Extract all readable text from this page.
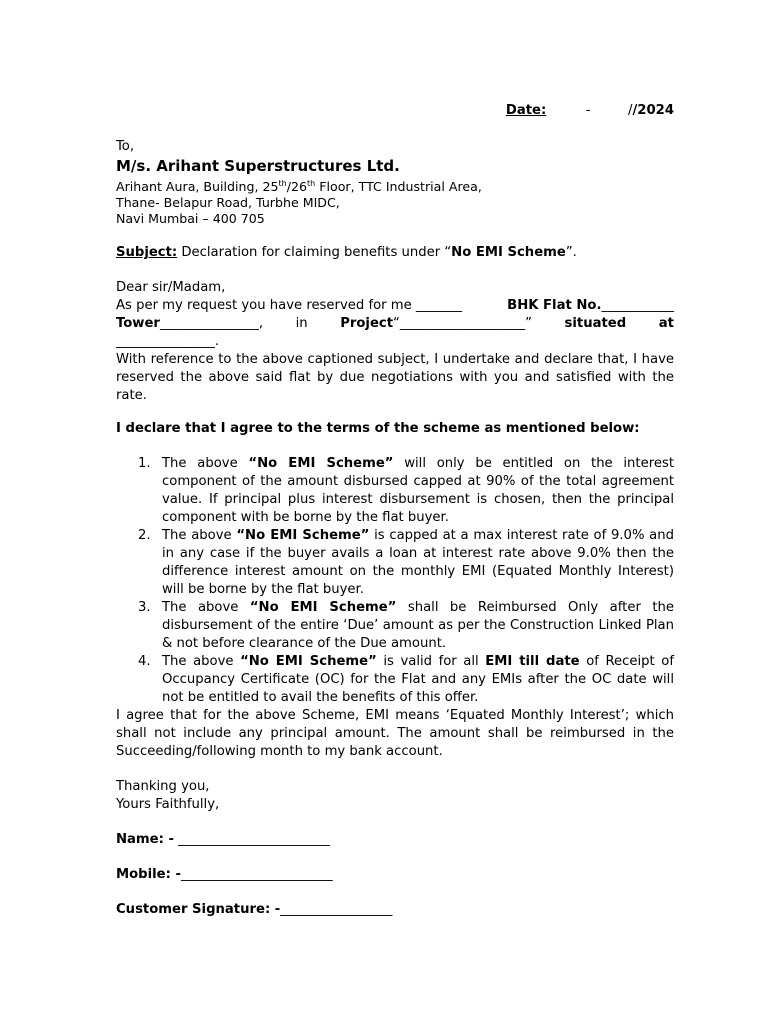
Date:	-	//2024

To,

M/s. Arihant Superstructures Ltd.

Arihant Aura, Building, 25th/26th Floor, TTC Industrial Area,

Thane- Belapur Road, Turbhe MIDC,

Navi Mumbai – 400 705

Subject: Declaration for claiming benefits under “No EMI Scheme”.

Dear sir/Madam,

As per my request you have reserved for me _______	BHK Flat No.___________

Tower_______________, in Project“___________________” situated at

_______________.

With reference to the above captioned subject, I undertake and declare that, I have reserved the above said flat by due negotiations with you and satisfied with the rate.

I declare that I agree to the terms of the scheme as mentioned below:

1. The above “No EMI Scheme” will only be entitled on the interest component of the amount disbursed capped at 90% of the total agreement value. If principal plus interest disbursement is chosen, then the principal component with be borne by the flat buyer.
2. The above “No EMI Scheme” is capped at a max interest rate of 9.0% and in any case if the buyer avails a loan at interest rate above 9.0% then the difference interest amount on the monthly EMI (Equated Monthly Interest) will be borne by the flat buyer.
3. The above “No EMI Scheme” shall be Reimbursed Only after the disbursement of the entire ‘Due’ amount as per the Construction Linked Plan & not before clearance of the Due amount.
4. The above “No EMI Scheme” is valid for all EMI till date of Receipt of Occupancy Certificate (OC) for the Flat and any EMIs after the OC date will not be entitled to avail the benefits of this offer.

I agree that for the above Scheme, EMI means ‘Equated Monthly Interest’; which shall not include any principal amount. The amount shall be reimbursed in the Succeeding/following month to my bank account.

Thanking you,

Yours Faithfully,

Name: - _______________________

Mobile: -_______________________

Customer Signature: -_________________
